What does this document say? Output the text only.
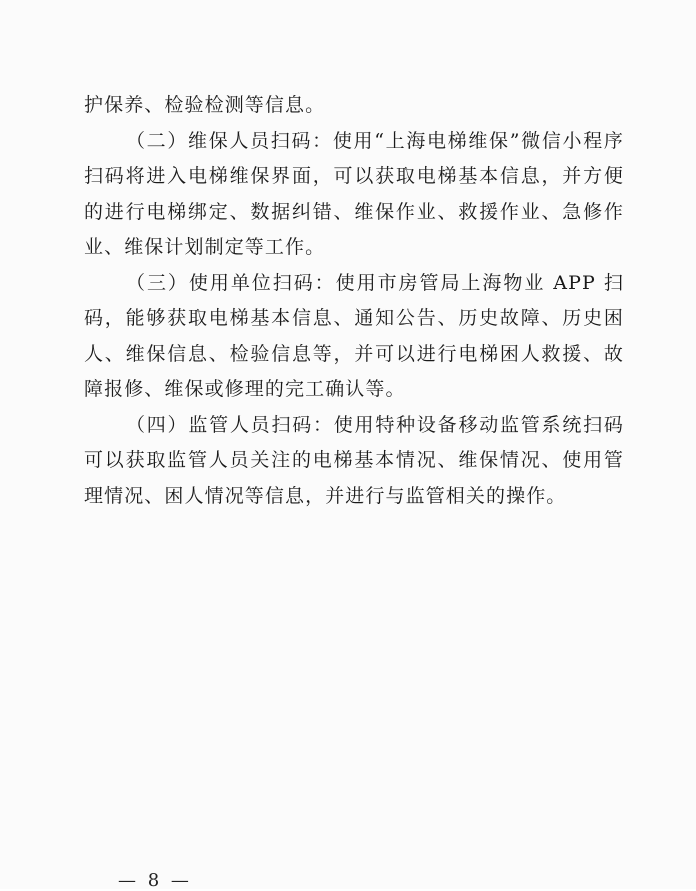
护保养、检验检测等信息。

（二）维保人员扫码：使用“上海电梯维保”微信小程序扫码将进入电梯维保界面，可以获取电梯基本信息，并方便的进行电梯绑定、数据纠错、维保作业、救援作业、急修作业、维保计划制定等工作。

（三）使用单位扫码：使用市房管局上海物业 APP 扫码，能够获取电梯基本信息、通知公告、历史故障、历史困人、维保信息、检验信息等，并可以进行电梯困人救援、故障报修、维保或修理的完工确认等。

（四）监管人员扫码：使用特种设备移动监管系统扫码可以获取监管人员关注的电梯基本情况、维保情况、使用管理情况、困人情况等信息，并进行与监管相关的操作。

— 8 —
